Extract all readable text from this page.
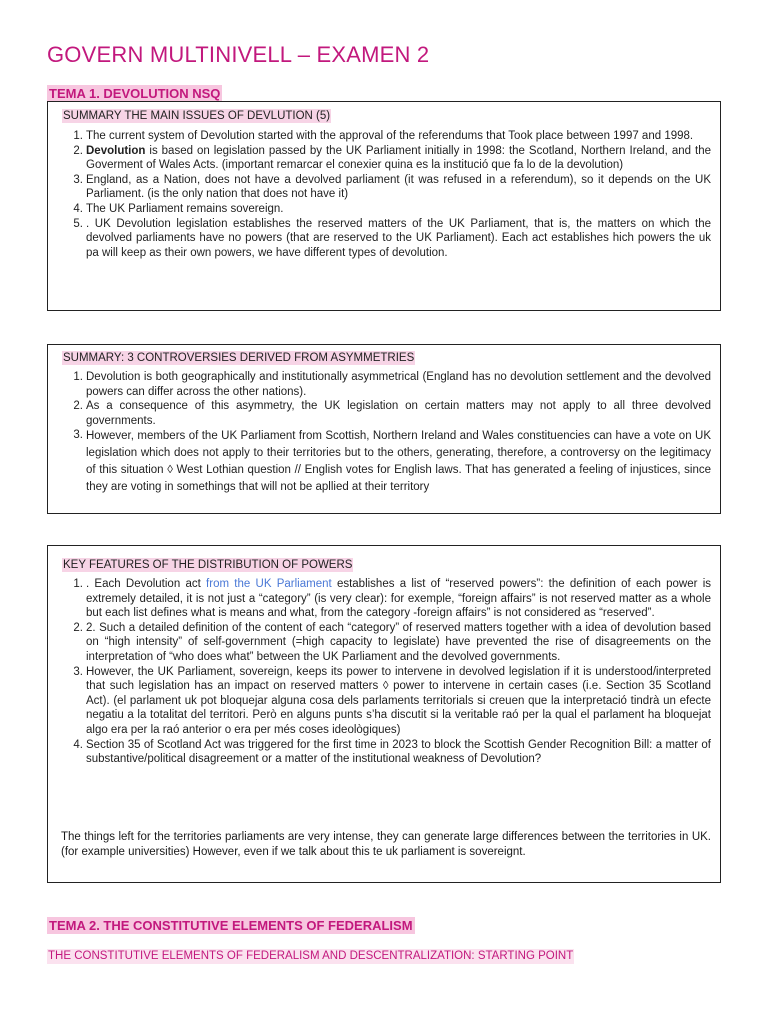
GOVERN MULTINIVELL – EXAMEN 2
TEMA 1. DEVOLUTION NSQ
SUMMARY THE MAIN ISSUES OF DEVLUTION (5)
1. The current system of Devolution started with the approval of the referendums that Took place between 1997 and 1998.
2. Devolution is based on legislation passed by the UK Parliament initially in 1998: the Scotland, Northern Ireland, and the Goverment of Wales Acts. (important remarcar el conexier quina es la institució que fa lo de la devolution)
3. England, as a Nation, does not have a devolved parliament (it was refused in a referendum), so it depends on the UK Parliament. (is the only nation that does not have it)
4. The UK Parliament remains sovereign.
5. . UK Devolution legislation establishes the reserved matters of the UK Parliament, that is, the matters on which the devolved parliaments have no powers (that are reserved to the UK Parliament). Each act establishes hich powers the uk pa will keep as their own powers, we have different types of devolution.
SUMMARY: 3 CONTROVERSIES DERIVED FROM ASYMMETRIES
1. Devolution is both geographically and institutionally asymmetrical (England has no devolution settlement and the devolved powers can differ across the other nations).
2. As a consequence of this asymmetry, the UK legislation on certain matters may not apply to all three devolved governments.
3. However, members of the UK Parliament from Scottish, Northern Ireland and Wales constituencies can have a vote on UK legislation which does not apply to their territories but to the others, generating, therefore, a controversy on the legitimacy of this situation ◊ West Lothian question // English votes for English laws. That has generated a feeling of injustices, since they are voting in somethings that will not be apllied at their territory
KEY FEATURES OF THE DISTRIBUTION OF POWERS
1. . Each Devolution act from the UK Parliament establishes a list of “reserved powers”: the definition of each power is extremely detailed, it is not just a “category” (is very clear): for exemple, “foreign affairs” is not reserved matter as a whole but each list defines what is means and what, from the category -foreign affairs” is not considered as “reserved”.
2. 2. Such a detailed definition of the content of each “category” of reserved matters together with a idea of devolution based on “high intensity” of self-government (=high capacity to legislate) have prevented the rise of disagreements on the interpretation of “who does what” between the UK Parliament and the devolved governments.
3. However, the UK Parliament, sovereign, keeps its power to intervene in devolved legislation if it is understood/interpreted that such legislation has an impact on reserved matters ◊ power to intervene in certain cases (i.e. Section 35 Scotland Act). (el parlament uk pot bloquejar alguna cosa dels parlaments territorials si creuen que la interpretació tindrà un efecte negatiu a la totalitat del territori. Però en alguns punts s’ha discutit si la veritable raó per la qual el parlament ha bloquejat algo era per la raó anterior o era per més coses ideològiques)
4. Section 35 of Scotland Act was triggered for the first time in 2023 to block the Scottish Gender Recognition Bill: a matter of substantive/political disagreement or a matter of the institutional weakness of Devolution?
The things left for the territories parliaments are very intense, they can generate large differences between the territories in UK. (for example universities) However, even if we talk about this te uk parliament is sovereignt.
TEMA 2. THE CONSTITUTIVE ELEMENTS OF FEDERALISM
THE CONSTITUTIVE ELEMENTS OF FEDERALISM AND DESCENTRALIZATION: STARTING POINT
